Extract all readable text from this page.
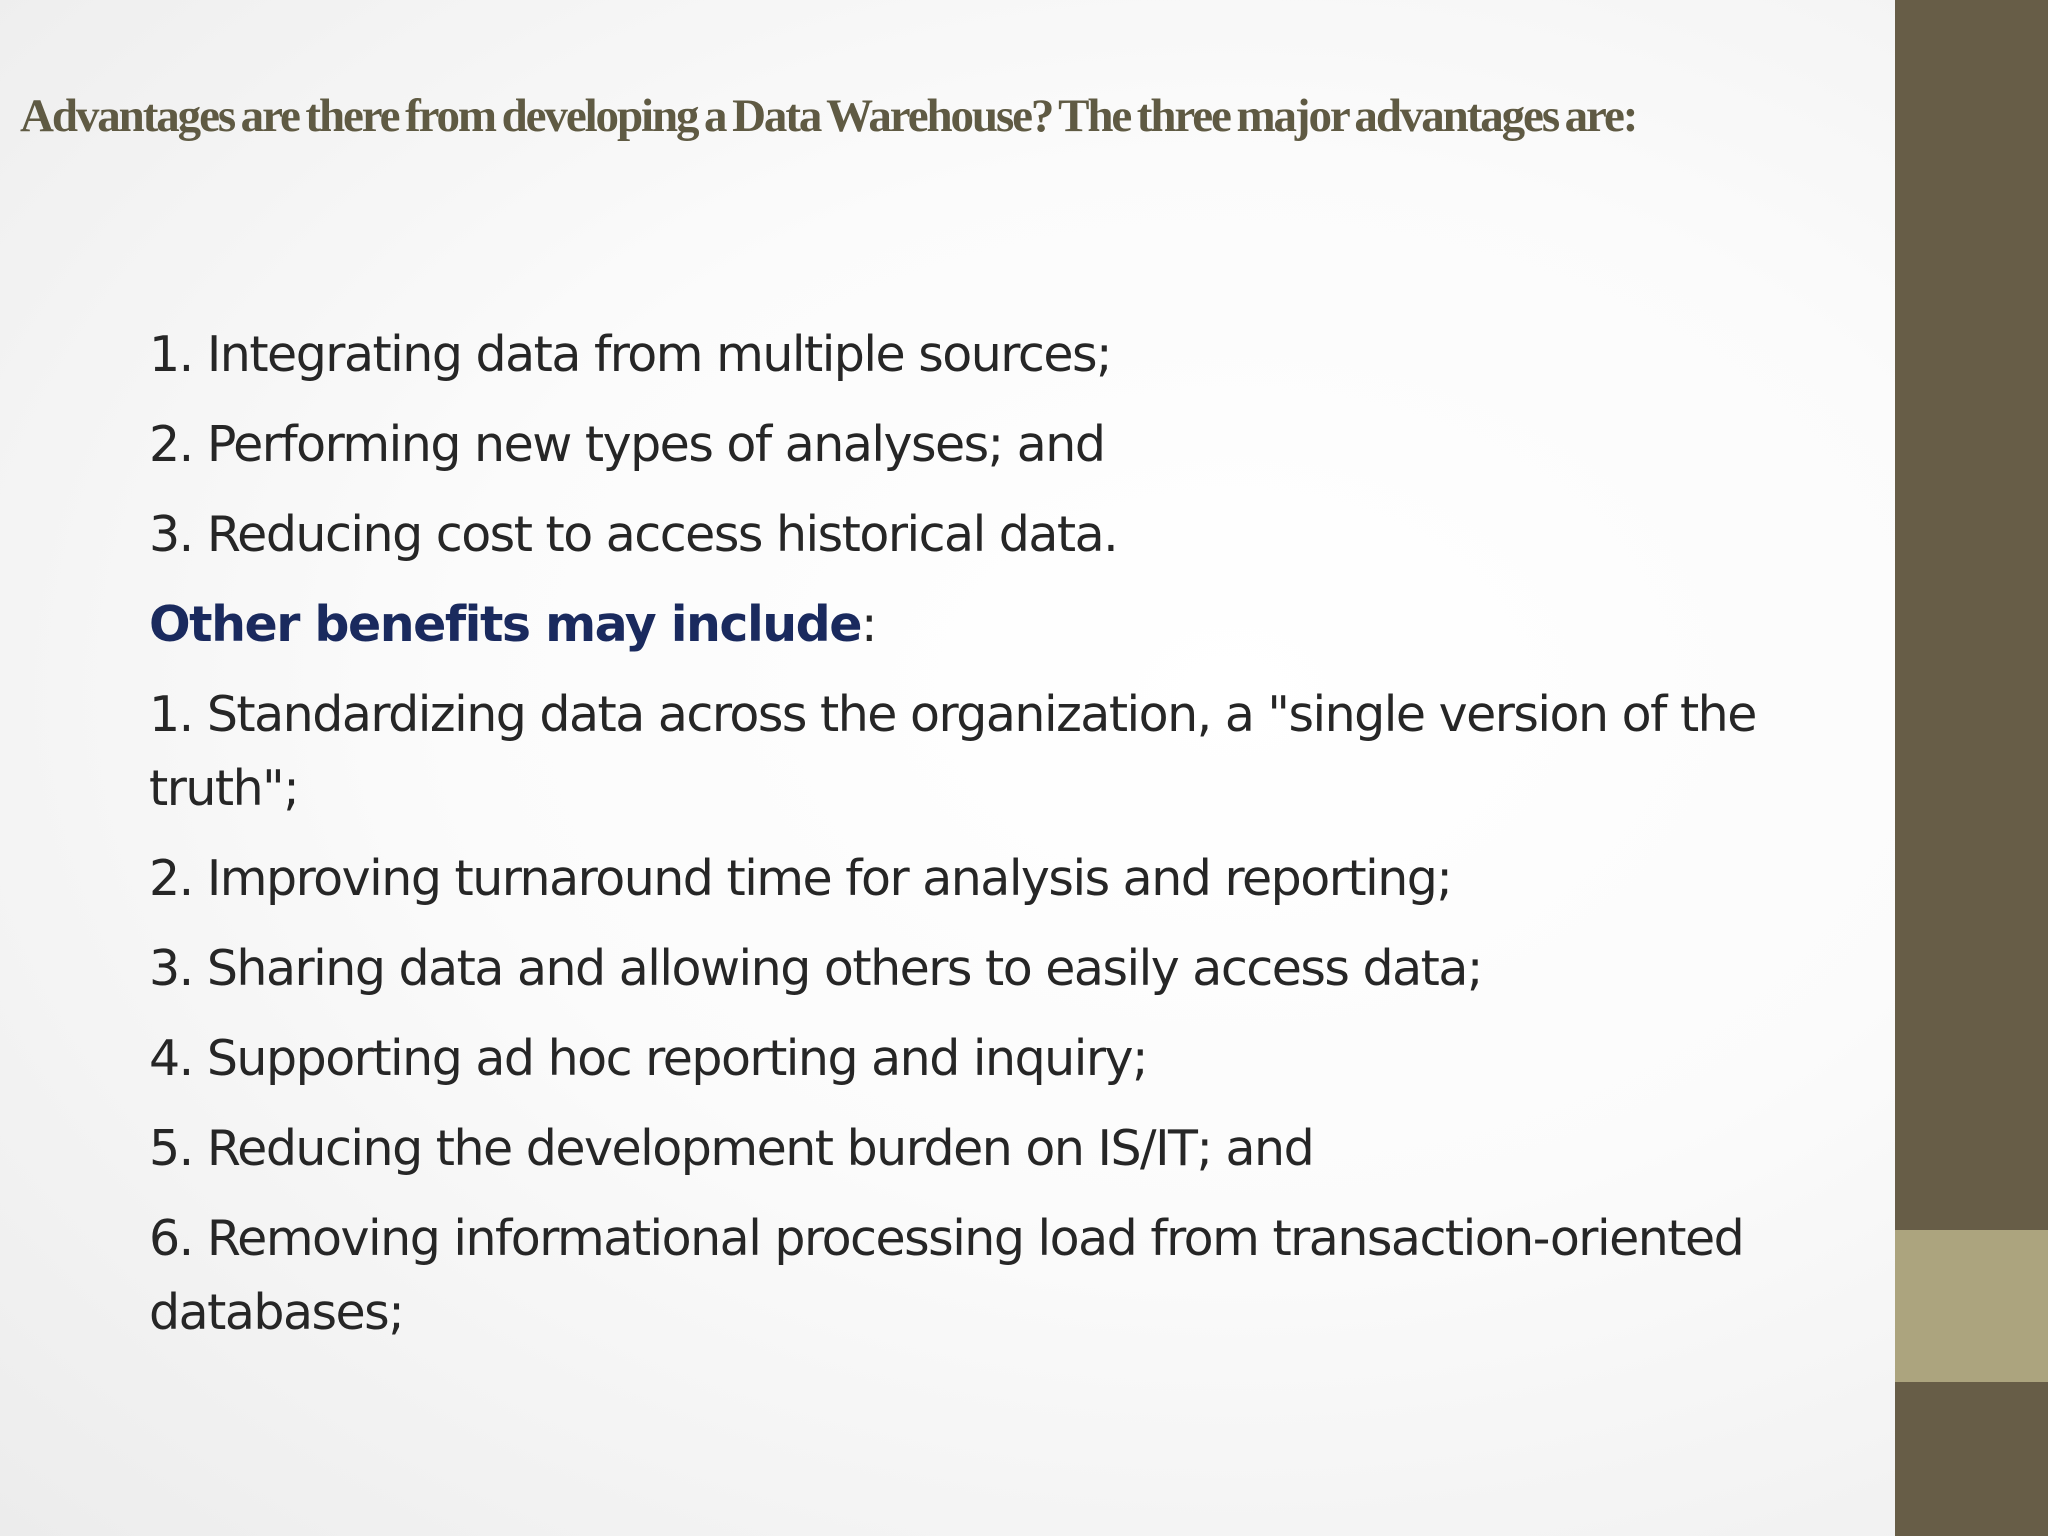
Advantages are there from developing a Data Warehouse? The three major advantages are:

1. Integrating data from multiple sources;

2. Performing new types of analyses; and

3. Reducing cost to access historical data.

Other benefits may include:

1. Standardizing data across the organization, a "single version of the truth";

2. Improving turnaround time for analysis and reporting;

3. Sharing data and allowing others to easily access data;

4. Supporting ad hoc reporting and inquiry;

5. Reducing the development burden on IS/IT; and

6. Removing informational processing load from transaction-oriented databases;
